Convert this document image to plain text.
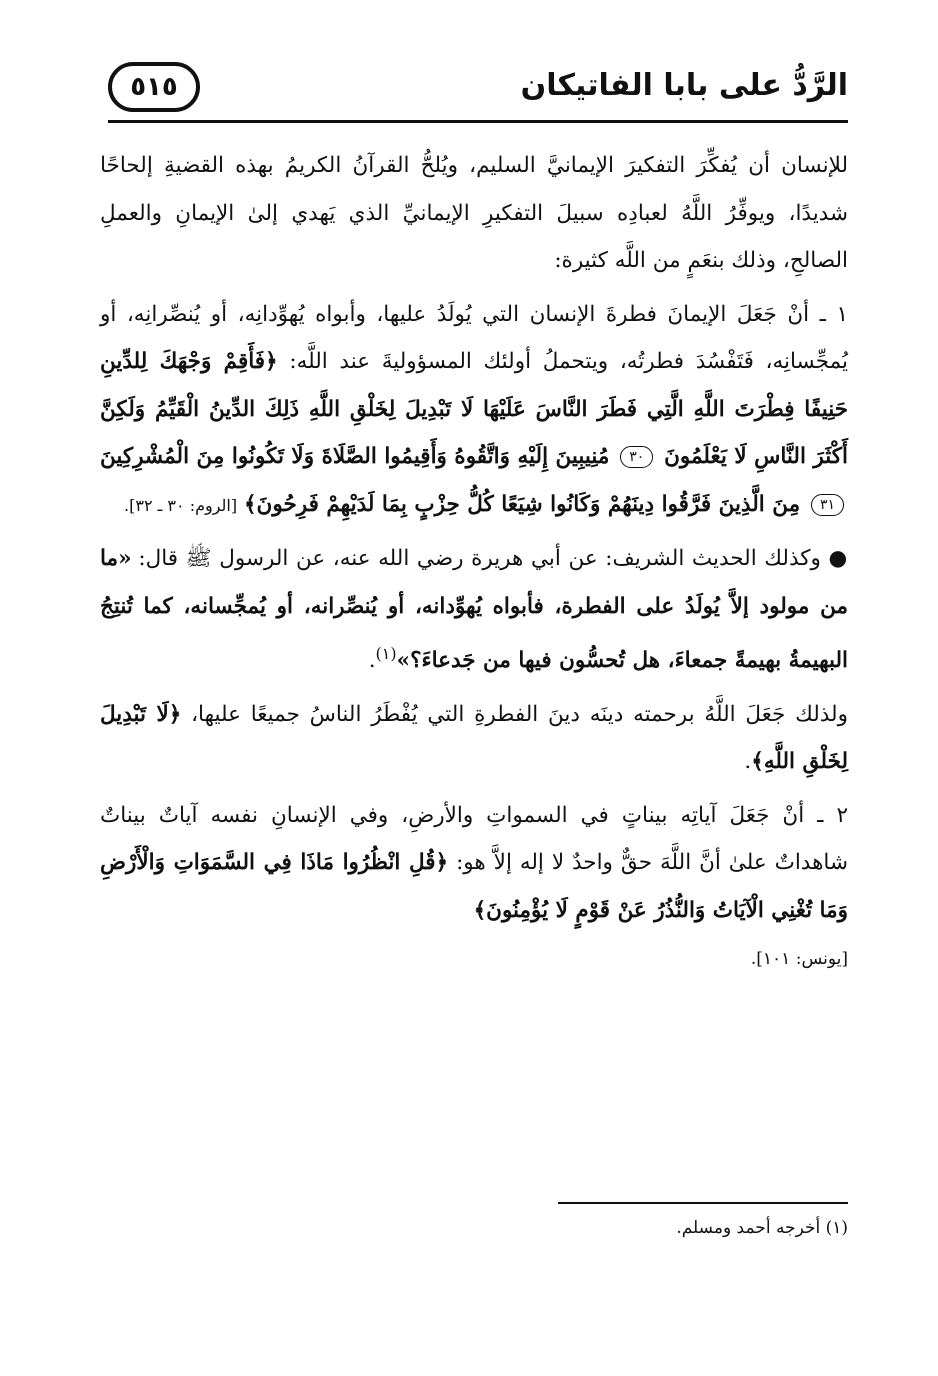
٥١٥	الرَّدُّ على بابا الفاتيكان

للإنسان أن يُفكِّرَ التفكيرَ الإيمانيَّ السليم، ويُلحُّ القرآنُ الكريمُ بهذه القضيةِ إلحاحًا شديدًا، ويوفِّرُ اللَّهُ لعبادِه سبيلَ التفكيرِ الإيمانيِّ الذي يَهدي إلىٰ الإيمانِ والعملِ الصالحِ، وذلك بنعَمٍ من اللَّه كثيرة:

١ ـ أنْ جَعَلَ الإيمانَ فطرةَ الإنسان التي يُولَدُ عليها، وأبواه يُهوِّدانِه، أو يُنصِّرانِه، أو يُمجِّسانِه، فَتَفْسُدَ فطرتُه، ويتحملُ أولئك المسؤوليةَ عند اللَّه: ﴿فَأَقِمْ وَجْهَكَ لِلدِّينِ حَنِيفًا فِطْرَتَ اللَّهِ الَّتِي فَطَرَ النَّاسَ عَلَيْهَا لَا تَبْدِيلَ لِخَلْقِ اللَّهِ ذَلِكَ الدِّينُ الْقَيِّمُ وَلَكِنَّ أَكْثَرَ النَّاسِ لَا يَعْلَمُونَ ٣٠ مُنِيبِينَ إِلَيْهِ وَاتَّقُوهُ وَأَقِيمُوا الصَّلَاةَ وَلَا تَكُونُوا مِنَ الْمُشْرِكِينَ ٣١ مِنَ الَّذِينَ فَرَّقُوا دِينَهُمْ وَكَانُوا شِيَعًا كُلُّ حِزْبٍ بِمَا لَدَيْهِمْ فَرِحُونَ﴾ [الروم: ٣٠ ـ ٣٢].

● وكذلك الحديث الشريف: عن أبي هريرة رضي الله عنه، عن الرسول ﷺ قال: «ما من مولود إلاَّ يُولَدُ على الفطرة، فأبواه يُهوِّدانه، أو يُنصِّرانه، أو يُمجِّسانه، كما تُنتِجُ البهيمةُ بهيمةً جمعاءَ، هل تُحسُّون فيها من جَدعاءَ؟»$^{(١)}$.

ولذلك جَعَلَ اللَّهُ برحمته دينَه دينَ الفطرةِ التي يُفْطَرُ الناسُ جميعًا عليها، ﴿لَا تَبْدِيلَ لِخَلْقِ اللَّهِ﴾.

٢ ـ أنْ جَعَلَ آياتِه بيناتٍ في السمواتِ والأرضِ، وفي الإنسانِ نفسه آياتٌ بيناتٌ شاهداتٌ علىٰ أنَّ اللَّهَ حقٌّ واحدٌ لا إله إلاَّ هو: ﴿قُلِ انْظُرُوا مَاذَا فِي السَّمَوَاتِ وَالْأَرْضِ وَمَا تُغْنِي الْآيَاتُ وَالنُّذُرُ عَنْ قَوْمٍ لَا يُؤْمِنُونَ﴾

[يونس: ١٠١].

(١) أخرجه أحمد ومسلم.
